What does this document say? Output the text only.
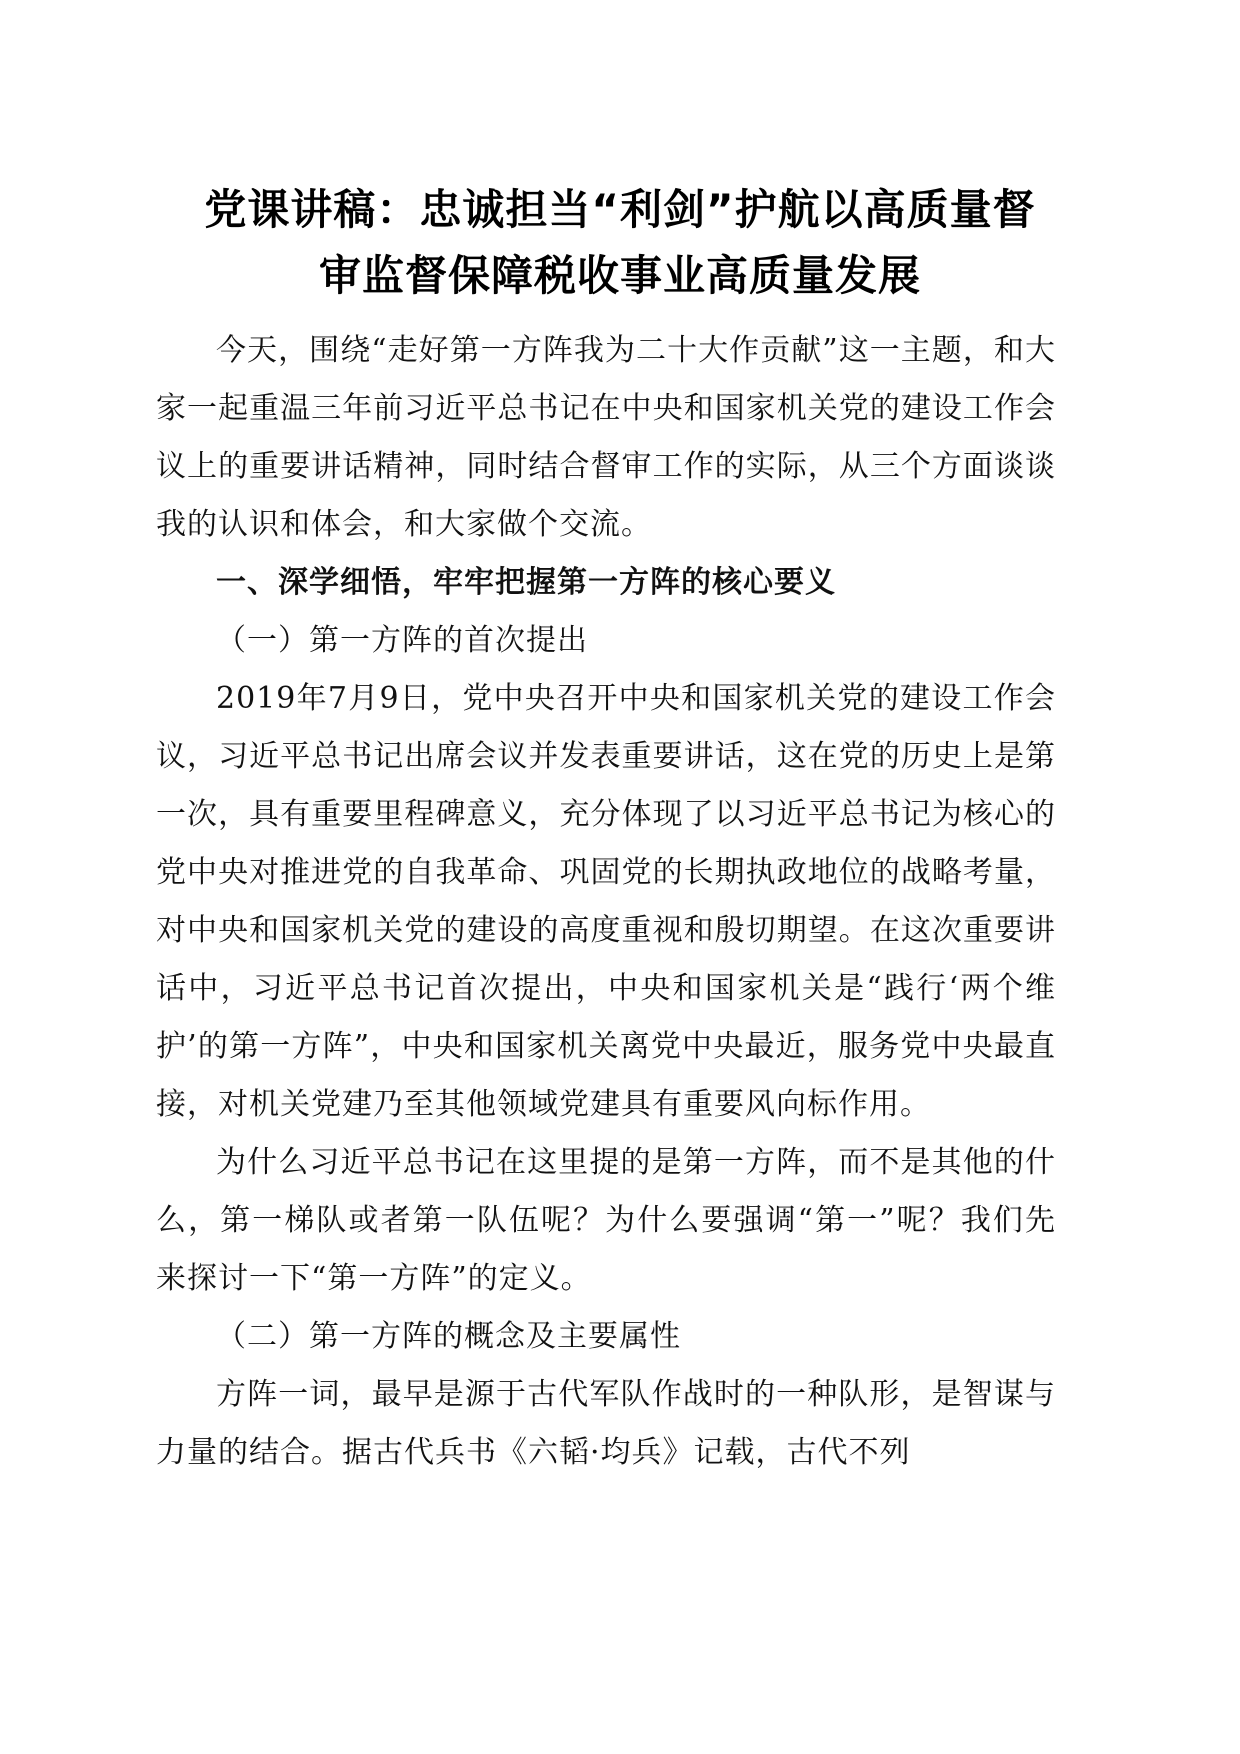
党课讲稿：忠诚担当“利剑”护航以高质量督
审监督保障税收事业高质量发展

今天，围绕“走好第一方阵我为二十大作贡献”这一主题，和大家一起重温三年前习近平总书记在中央和国家机关党的建设工作会议上的重要讲话精神，同时结合督审工作的实际，从三个方面谈谈我的认识和体会，和大家做个交流。

一、深学细悟，牢牢把握第一方阵的核心要义

（一）第一方阵的首次提出

2019年7月9日，党中央召开中央和国家机关党的建设工作会议，习近平总书记出席会议并发表重要讲话，这在党的历史上是第一次，具有重要里程碑意义，充分体现了以习近平总书记为核心的党中央对推进党的自我革命、巩固党的长期执政地位的战略考量，对中央和国家机关党的建设的高度重视和殷切期望。在这次重要讲话中，习近平总书记首次提出，中央和国家机关是“践行‘两个维护’的第一方阵”，中央和国家机关离党中央最近，服务党中央最直接，对机关党建乃至其他领域党建具有重要风向标作用。

为什么习近平总书记在这里提的是第一方阵，而不是其他的什么，第一梯队或者第一队伍呢？为什么要强调“第一”呢？我们先来探讨一下“第一方阵”的定义。

（二）第一方阵的概念及主要属性

方阵一词，最早是源于古代军队作战时的一种队形，是智谋与力量的结合。据古代兵书《六韬·均兵》记载，古代不列
